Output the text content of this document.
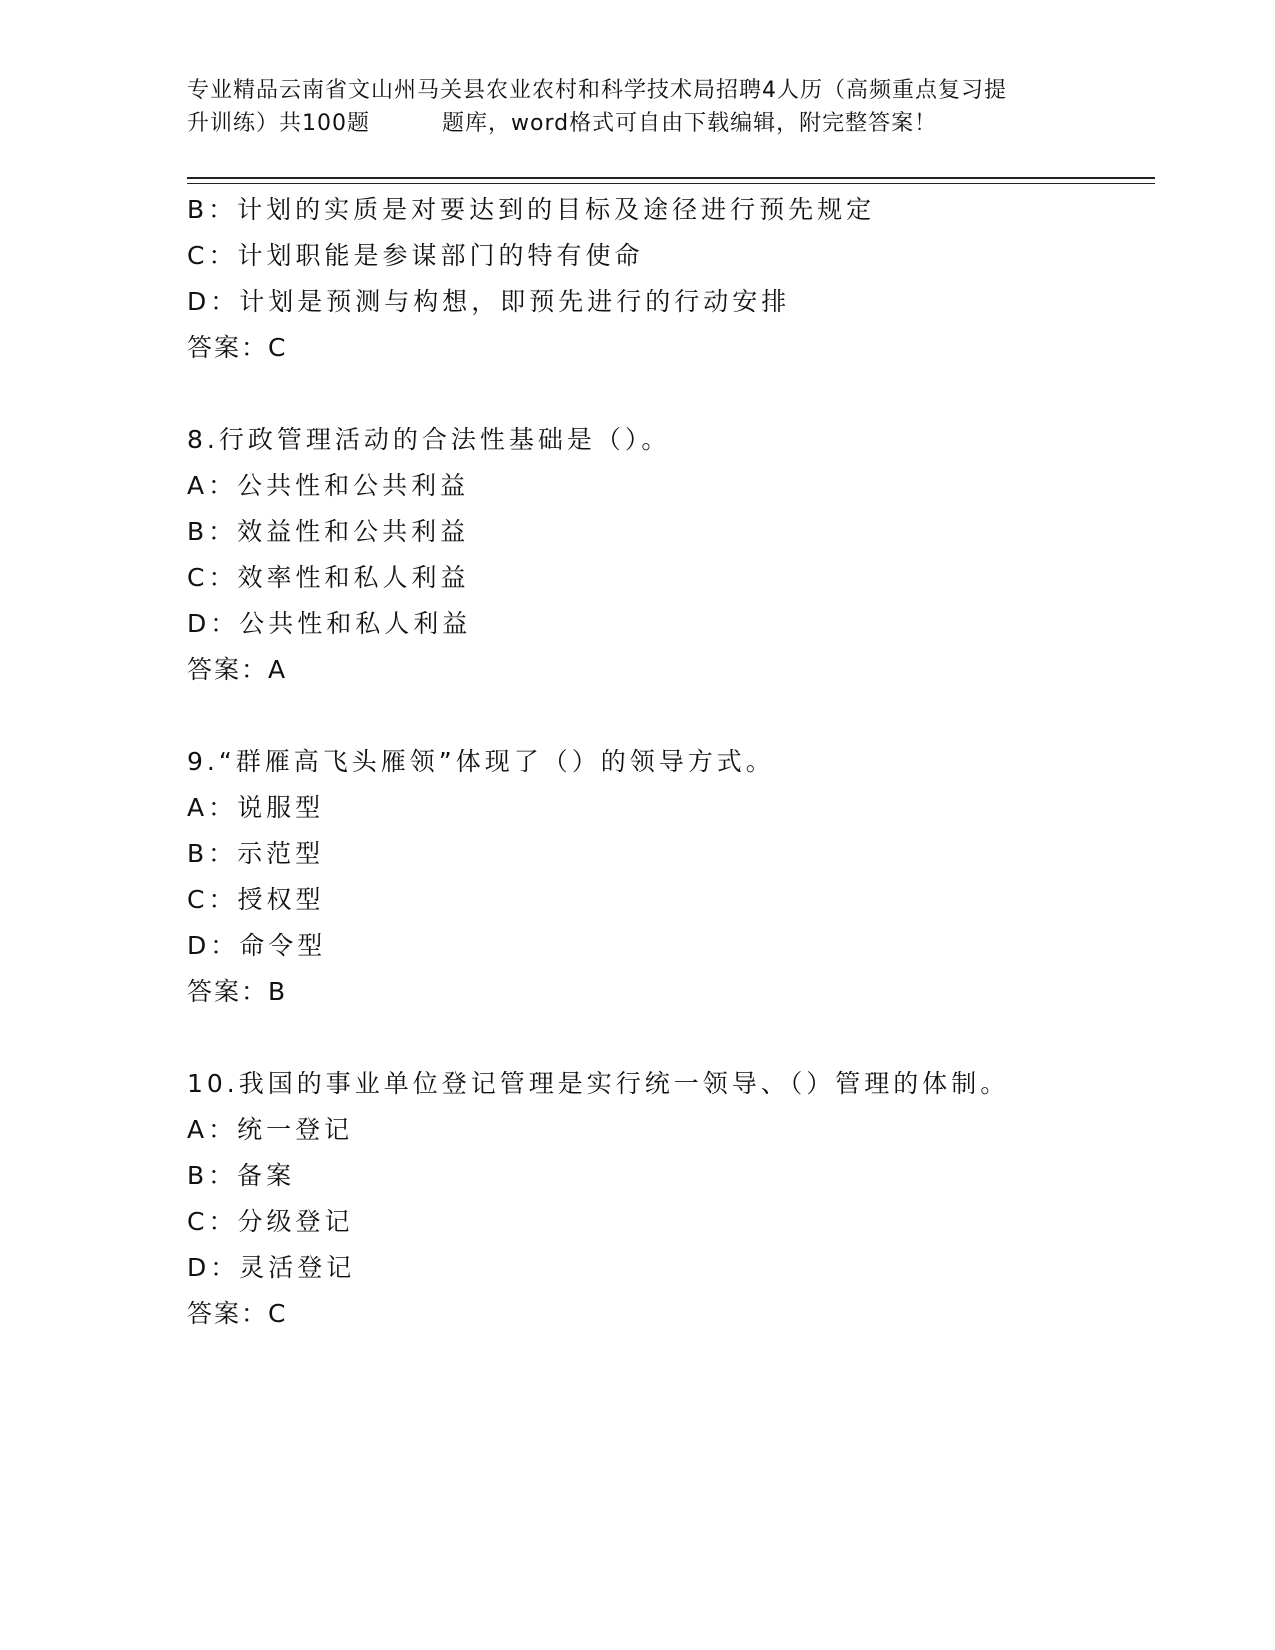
专业精品云南省文山州马关县农业农村和科学技术局招聘4人历（高频重点复习提
升训练）共100题	题库，word格式可自由下载编辑，附完整答案！
B：计划的实质是对要达到的目标及途径进行预先规定
C：计划职能是参谋部门的特有使命
D：计划是预测与构想，即预先进行的行动安排
答案：C
8.行政管理活动的合法性基础是（）。
A：公共性和公共利益
B：效益性和公共利益
C：效率性和私人利益
D：公共性和私人利益
答案：A
9.“群雁高飞头雁领”体现了（）的领导方式。
A：说服型
B：示范型
C：授权型
D：命令型
答案：B
10.我国的事业单位登记管理是实行统一领导、（）管理的体制。
A：统一登记
B：备案
C：分级登记
D：灵活登记
答案：C
